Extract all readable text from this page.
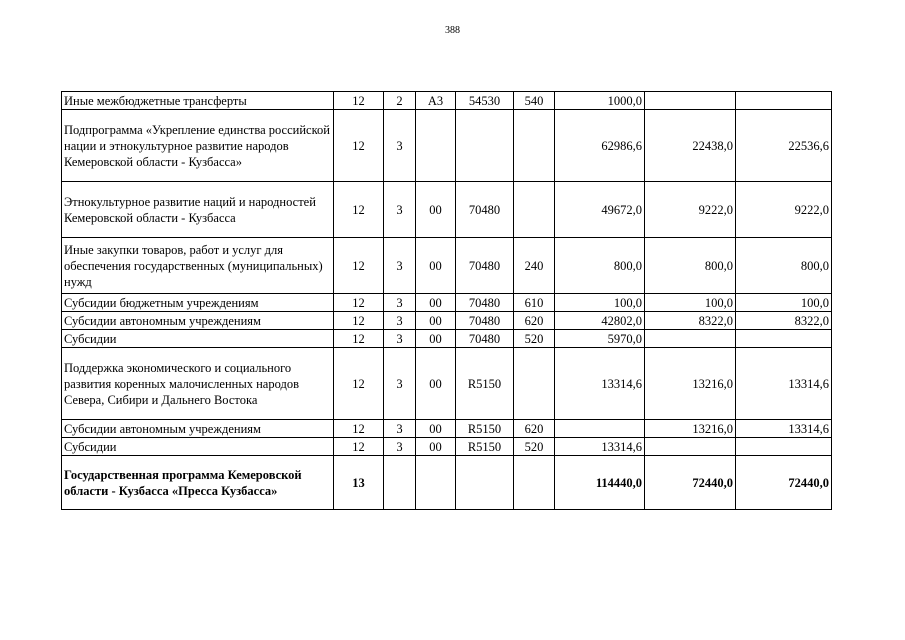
388
Иные межбюджетные трансферты	12	2	А3	54530	540	1000,0		
Подпрограмма «Укрепление единства российской нации и этнокультурное развитие народов Кемеровской области - Кузбасса»	12	3				62986,6	22438,0	22536,6
Этнокультурное развитие наций и народностей Кемеровской области - Кузбасса	12	3	00	70480		49672,0	9222,0	9222,0
Иные закупки товаров, работ и услуг для обеспечения государственных (муниципальных) нужд	12	3	00	70480	240	800,0	800,0	800,0
Субсидии бюджетным учреждениям	12	3	00	70480	610	100,0	100,0	100,0
Субсидии автономным учреждениям	12	3	00	70480	620	42802,0	8322,0	8322,0
Субсидии	12	3	00	70480	520	5970,0		
Поддержка экономического и социального развития коренных малочисленных народов Севера, Сибири и Дальнего Востока	12	3	00	R5150		13314,6	13216,0	13314,6
Субсидии автономным учреждениям	12	3	00	R5150	620		13216,0	13314,6
Субсидии	12	3	00	R5150	520	13314,6		
Государственная программа Кемеровской области - Кузбасса «Пресса Кузбасса»	13					114440,0	72440,0	72440,0
